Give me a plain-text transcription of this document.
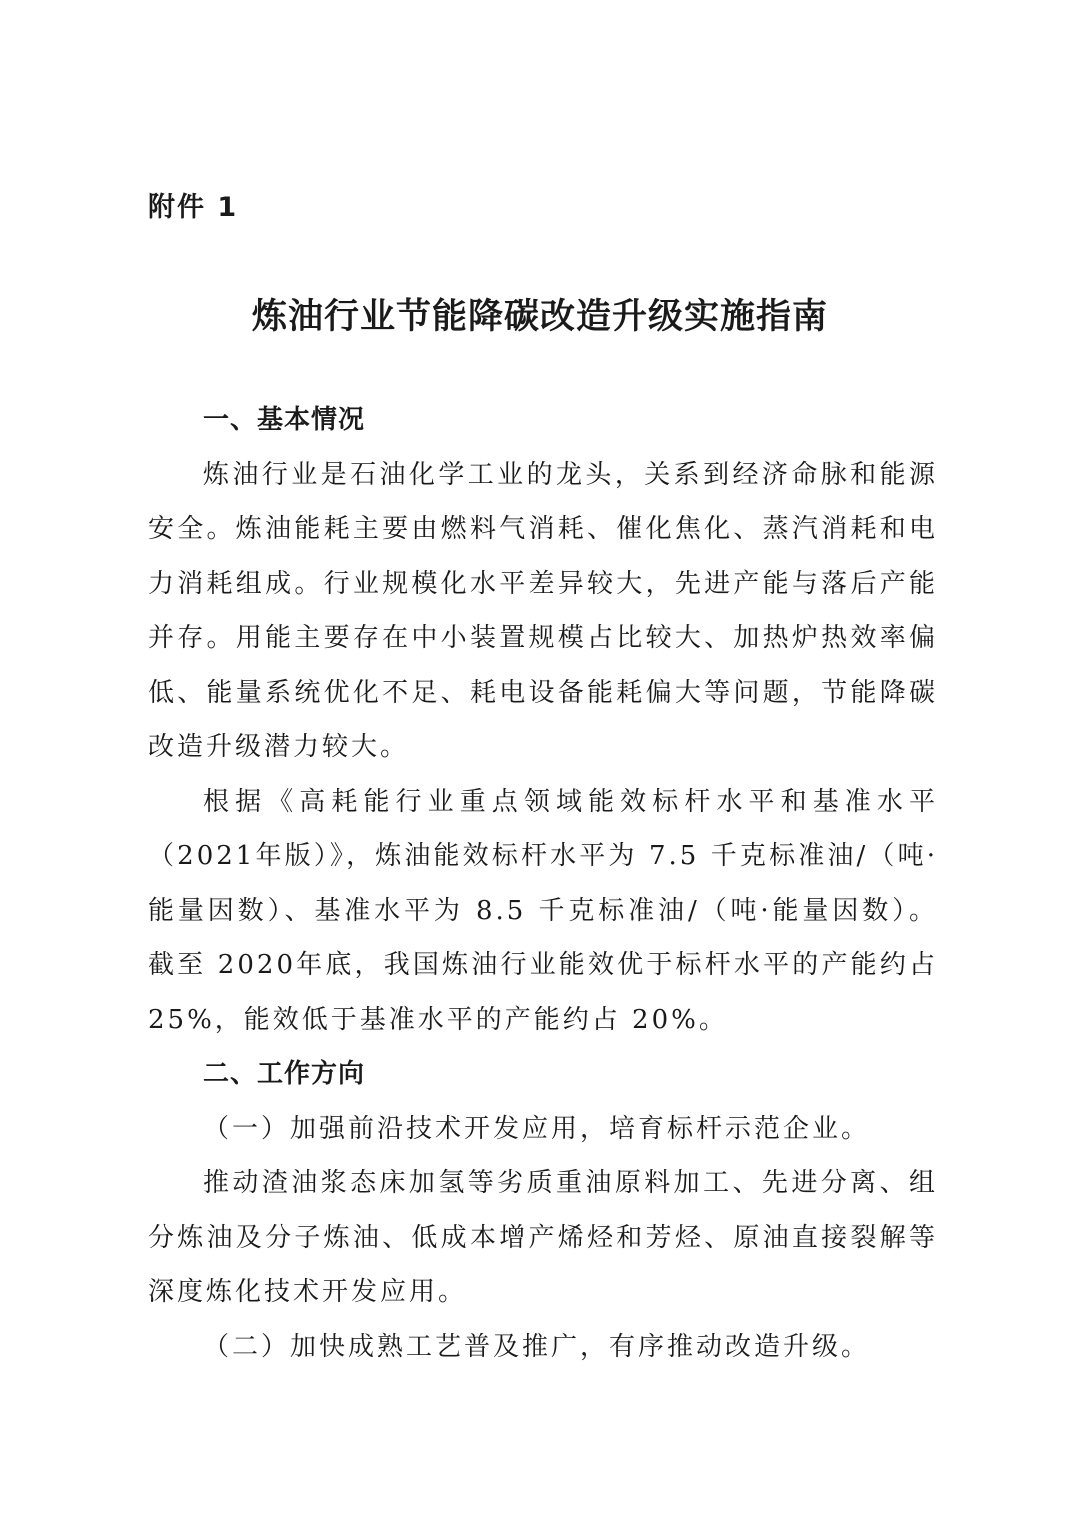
附件 1

炼油行业节能降碳改造升级实施指南

一、基本情况

炼油行业是石油化学工业的龙头，关系到经济命脉和能源安全。炼油能耗主要由燃料气消耗、催化焦化、蒸汽消耗和电力消耗组成。行业规模化水平差异较大，先进产能与落后产能并存。用能主要存在中小装置规模占比较大、加热炉热效率偏低、能量系统优化不足、耗电设备能耗偏大等问题，节能降碳改造升级潜力较大。

根据《高耗能行业重点领域能效标杆水平和基准水平（2021年版）》，炼油能效标杆水平为 7.5 千克标准油/（吨·能量因数）、基准水平为 8.5 千克标准油/（吨·能量因数）。截至 2020年底，我国炼油行业能效优于标杆水平的产能约占 25%，能效低于基准水平的产能约占 20%。

二、工作方向

（一）加强前沿技术开发应用，培育标杆示范企业。

推动渣油浆态床加氢等劣质重油原料加工、先进分离、组分炼油及分子炼油、低成本增产烯烃和芳烃、原油直接裂解等深度炼化技术开发应用。

（二）加快成熟工艺普及推广，有序推动改造升级。
